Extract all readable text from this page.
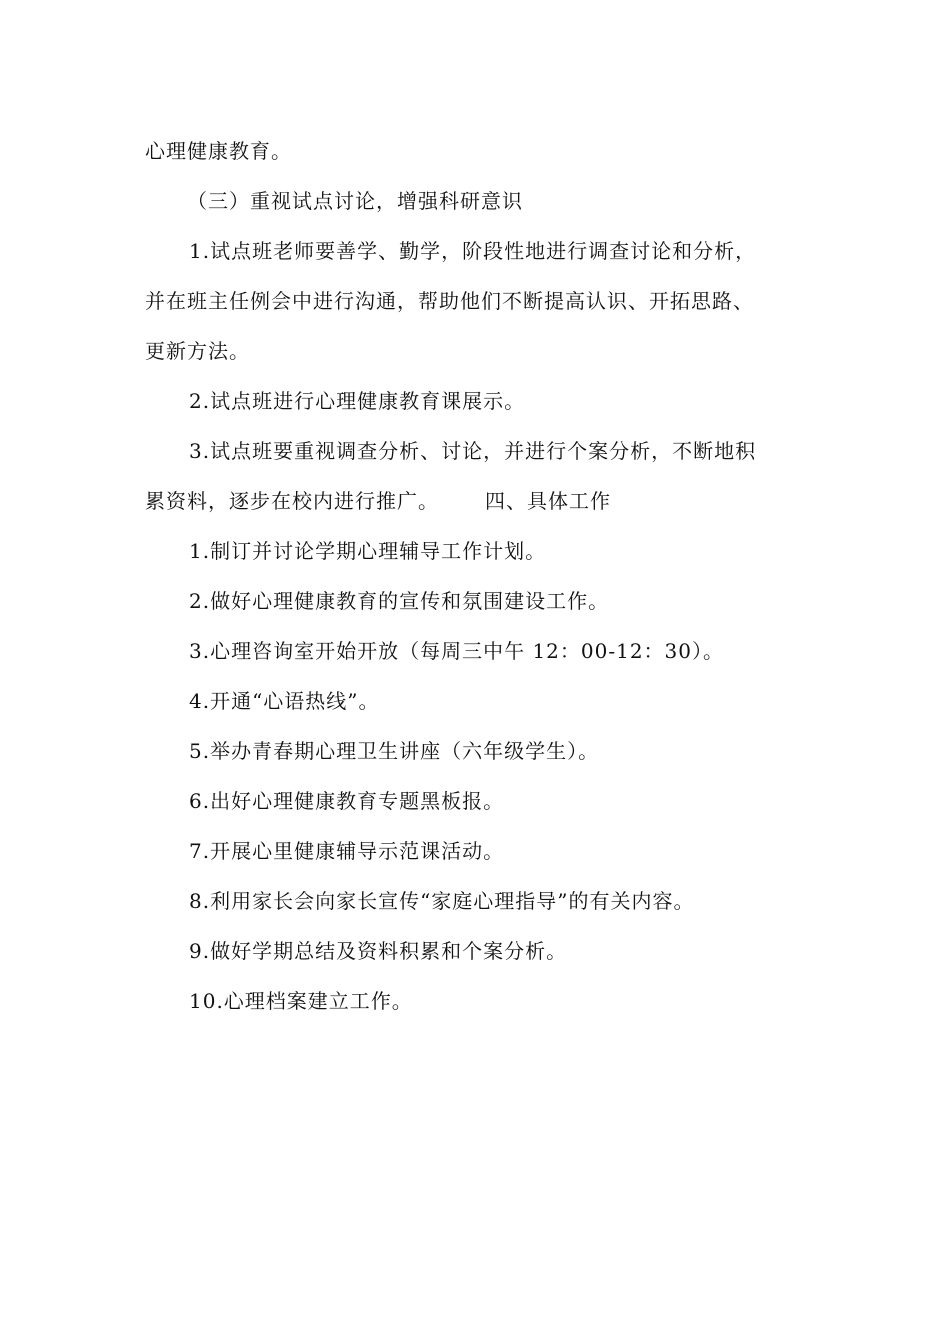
心理健康教育。
（三）重视试点讨论，增强科研意识
1.试点班老师要善学、勤学，阶段性地进行调查讨论和分析，
并在班主任例会中进行沟通，帮助他们不断提高认识、开拓思路、
更新方法。
2.试点班进行心理健康教育课展示。
3.试点班要重视调查分析、讨论，并进行个案分析，不断地积
累资料，逐步在校内进行推广。 四、具体工作
1.制订并讨论学期心理辅导工作计划。
2.做好心理健康教育的宣传和氛围建设工作。
3.心理咨询室开始开放（每周三中午 12：00-12：30）。
4.开通“心语热线”。
5.举办青春期心理卫生讲座（六年级学生）。
6.出好心理健康教育专题黑板报。
7.开展心里健康辅导示范课活动。
8.利用家长会向家长宣传“家庭心理指导”的有关内容。
9.做好学期总结及资料积累和个案分析。
10.心理档案建立工作。
